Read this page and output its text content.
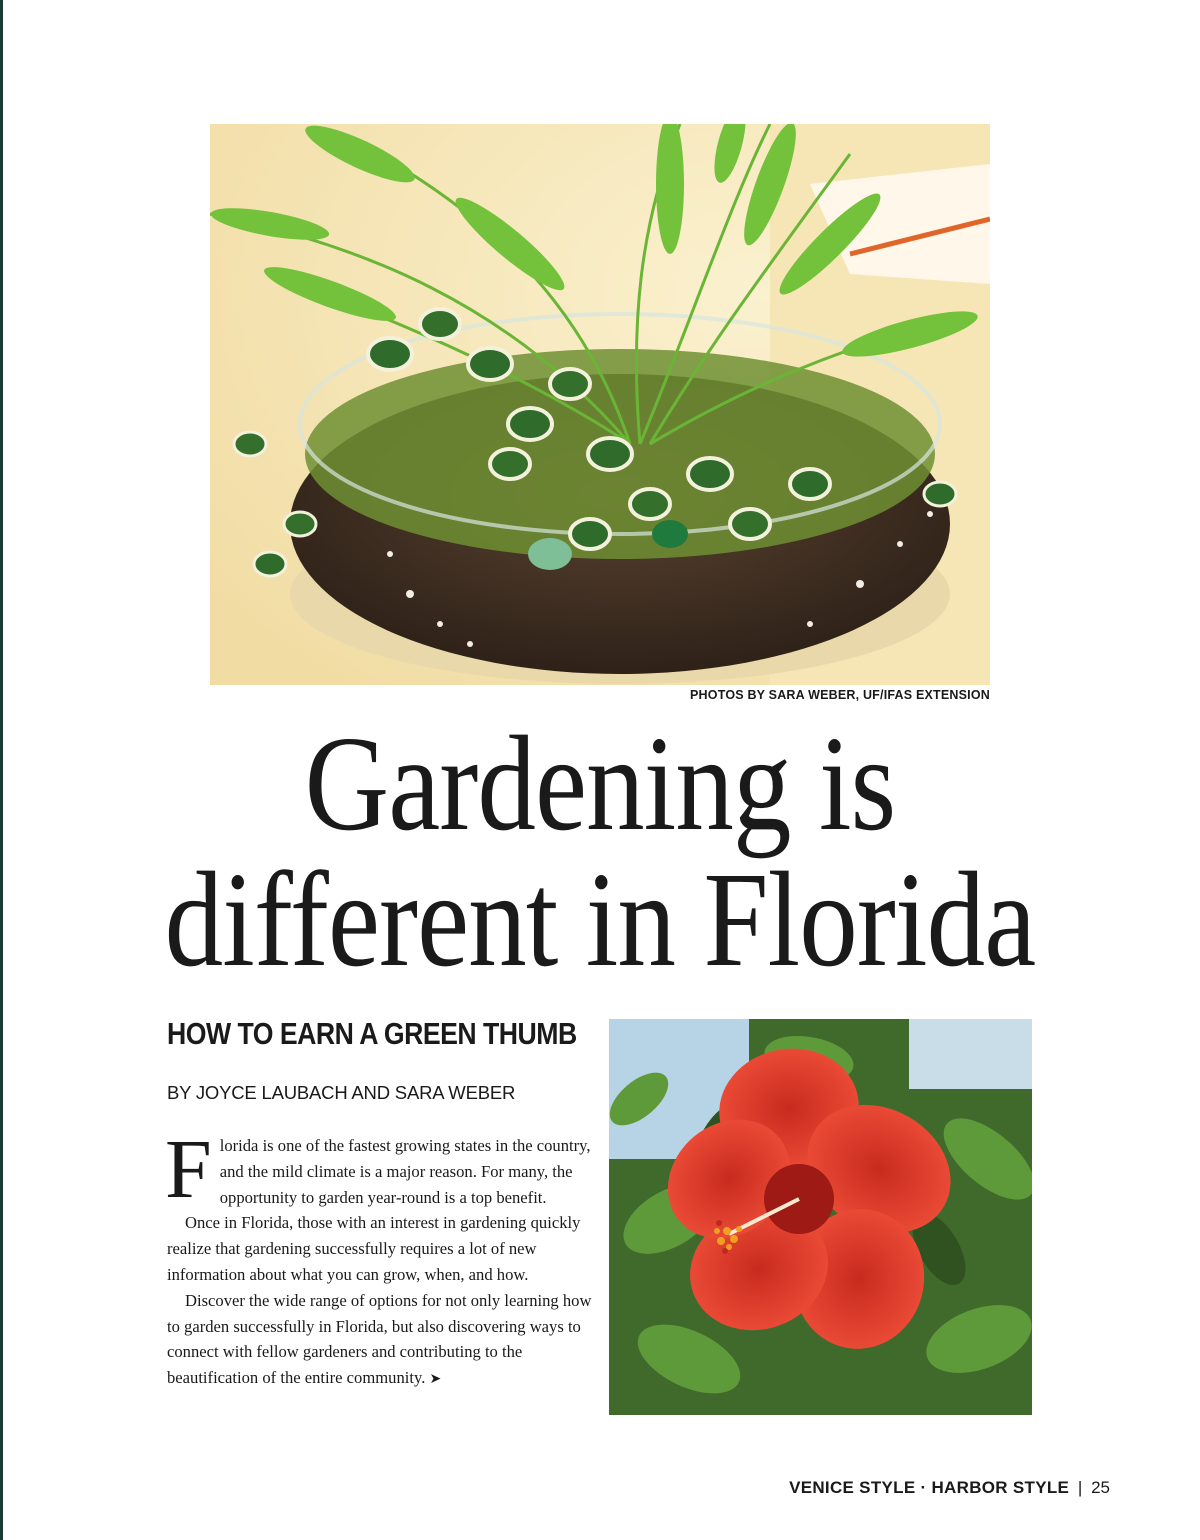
PHOTOS BY SARA WEBER, UF/IFAS EXTENSION
Gardening is
different in Florida
HOW TO EARN A GREEN THUMB
BY JOYCE LAUBACH AND SARA WEBER

Florida is one of the fastest growing states in the country, and the mild climate is a major reason. For many, the opportunity to garden year-round is a top benefit.

Once in Florida, those with an interest in gardening quickly realize that gardening successfully requires a lot of new information about what you can grow, when, and how.

Discover the wide range of options for not only learning how to garden successfully in Florida, but also discovering ways to connect with fellow gardeners and contributing to the beautification of the entire community. ➤

VENICE STYLE · HARBOR STYLE | 25
